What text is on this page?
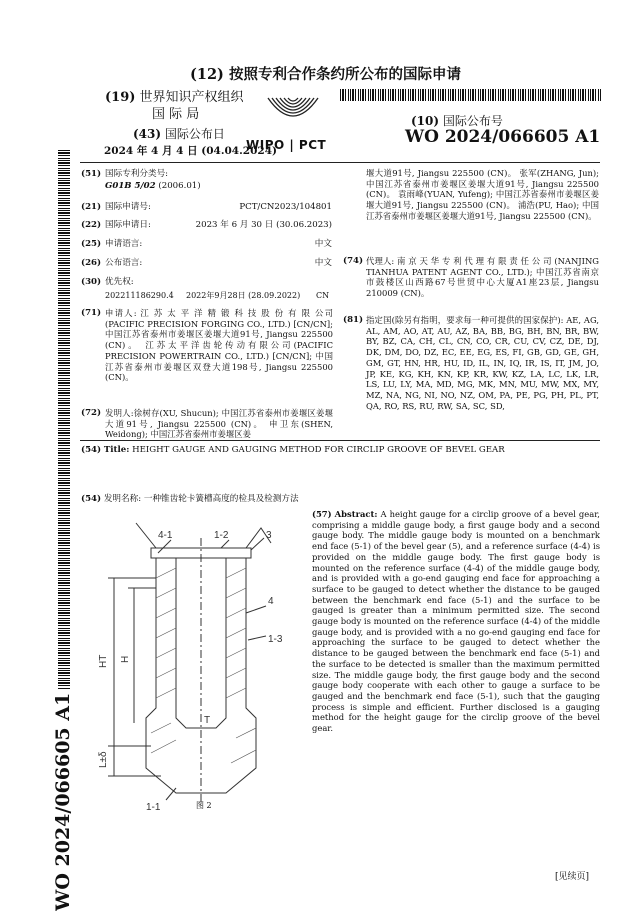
(12) 按照专利合作条约所公布的国际申请
(19) 世界知识产权组织
国 际 局
(43) 国际公布日
2024 年 4 月 4 日 (04.04.2024)
WIPO | PCT
(10) 国际公布号
WO 2024/066605 A1
(51) 国际专利分类号:
G01B 5/02 (2006.01)
(21) 国际申请号:	PCT/CN2023/104801
(22) 国际申请日:	2023 年 6 月 30 日 (30.06.2023)
(25) 申请语言:	中文
(26) 公布语言:	中文
(30) 优先权:
202211186290.4 2022年9月28日 (28.09.2022) CN
(71) 申请人: 江 苏 太 平 洋 精 锻 科 技 股 份 有 限 公司(PACIFIC PRECISION FORGING CO., LTD.) [CN/CN]; 中国江苏省泰州市姜堰区姜堰大道91号, Jiangsu 225500 (CN)。 江苏太平洋齿轮传动有限公司(PACIFIC PRECISION POWERTRAIN CO., LTD.) [CN/CN]; 中国江苏省泰州市姜堰区双登大道198号, Jiangsu 225500 (CN)。
(72) 发明人:徐树存(XU, Shucun); 中国江苏省泰州市姜堰区姜堰大道91号, Jiangsu 225500 (CN)。 申卫东(SHEN, Weidong); 中国江苏省泰州市姜堰区姜
堰大道91号, Jiangsu 225500 (CN)。 张军(ZHANG, Jun); 中国江苏省泰州市姜堰区姜堰大道91号, Jiangsu 225500 (CN)。 袁雨峰(YUAN, Yufeng); 中国江苏省泰州市姜堰区姜堰大道91号, Jiangsu 225500 (CN)。 浦浩(PU, Hao); 中国江苏省泰州市姜堰区姜堰大道91号, Jiangsu 225500 (CN)。
(74) 代理人: 南 京 天 华 专 利 代 理 有 限 责 任 公 司 (NANJING TIANHUA PATENT AGENT CO., LTD.); 中国江苏省南京市鼓楼区山西路67号世贸中心大厦A1座23层, Jiangsu 210009 (CN)。
(81) 指定国(除另有指明，要求每一种可提供的国家保护): AE, AG, AL, AM, AO, AT, AU, AZ, BA, BB, BG, BH, BN, BR, BW, BY, BZ, CA, CH, CL, CN, CO, CR, CU, CV, CZ, DE, DJ, DK, DM, DO, DZ, EC, EE, EG, ES, FI, GB, GD, GE, GH, GM, GT, HN, HR, HU, ID, IL, IN, IQ, IR, IS, IT, JM, JO, JP, KE, KG, KH, KN, KP, KR, KW, KZ, LA, LC, LK, LR, LS, LU, LY, MA, MD, MG, MK, MN, MU, MW, MX, MY, MZ, NA, NG, NI, NO, NZ, OM, PA, PE, PG, PH, PL, PT, QA, RO, RS, RU, RW, SA, SC, SD,
(54) Title: HEIGHT GAUGE AND GAUGING METHOD FOR CIRCLIP GROOVE OF BEVEL GEAR
(54) 发明名称: 一种锥齿轮卡簧槽高度的检具及检测方法
(57) Abstract: A height gauge for a circlip groove of a bevel gear, comprising a middle gauge body, a first gauge body and a second gauge body. The middle gauge body is mounted on a benchmark end face (5-1) of the bevel gear (5), and a reference surface (4-4) is provided on the middle gauge body. The first gauge body is mounted on the reference surface (4-4) of the middle gauge body, and is provided with a go-end gauging end face for approaching a surface to be gauged to detect whether the distance to be gauged between the benchmark end face (5-1) and the surface to be gauged is greater than a minimum permitted size. The second gauge body is mounted on the reference surface (4-4) of the middle gauge body, and is provided with a no go-end gauging end face for approaching the surface to be gauged to detect whether the distance to be gauged between the benchmark end face (5-1) and the surface to be detected is smaller than the maximum permitted size. The middle gauge body, the first gauge body and the second gauge body cooperate with each other to gauge a surface to be gauged and the benchmark end face (5-1), such that the gauging process is simple and efficient. Further disclosed is a gauging method for the height gauge for the circlip groove of the bevel gear.
4-1	1-2	3
4
1-3
HT H
T
L±δ
1-1	图 2
WO 2024/066605 A1	[见续页]
